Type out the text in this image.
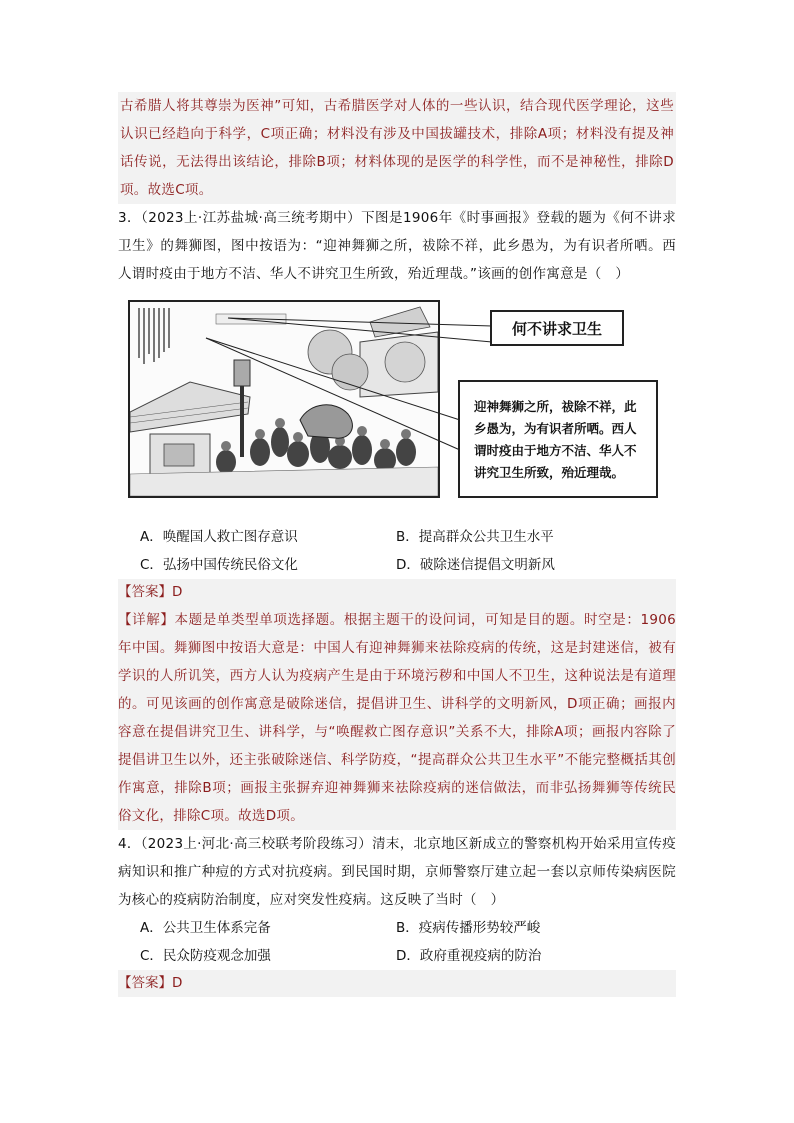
古希腊人将其尊崇为医神”可知，古希腊医学对人体的一些认识，结合现代医学理论，这些认识已经趋向于科学，C项正确；材料没有涉及中国拔罐技术，排除A项；材料没有提及神话传说，无法得出该结论，排除B项；材料体现的是医学的科学性，而不是神秘性，排除D项。故选C项。
3．（2023上·江苏盐城·高三统考期中）下图是1906年《时事画报》登载的题为《何不讲求卫生》的舞狮图，图中按语为：“迎神舞狮之所，祓除不祥，此乡愚为，为有识者所哂。西人谓时疫由于地方不洁、华人不讲究卫生所致，殆近理哉。”该画的创作寓意是（　）
何不讲求卫生
迎神舞狮之所，祓除不祥，此乡愚为，为有识者所哂。西人谓时疫由于地方不洁、华人不讲究卫生所致，殆近理哉。
A．唤醒国人救亡图存意识	B．提高群众公共卫生水平
C．弘扬中国传统民俗文化	D．破除迷信提倡文明新风
【答案】D
【详解】本题是单类型单项选择题。根据主题干的设问词，可知是目的题。时空是：1906年中国。舞狮图中按语大意是：中国人有迎神舞狮来祛除疫病的传统，这是封建迷信，被有学识的人所讥笑，西方人认为疫病产生是由于环境污秽和中国人不卫生，这种说法是有道理的。可见该画的创作寓意是破除迷信，提倡讲卫生、讲科学的文明新风，D项正确；画报内容意在提倡讲究卫生、讲科学，与“唤醒救亡图存意识”关系不大，排除A项；画报内容除了提倡讲卫生以外，还主张破除迷信、科学防疫，“提高群众公共卫生水平”不能完整概括其创作寓意，排除B项；画报主张摒弃迎神舞狮来祛除疫病的迷信做法，而非弘扬舞狮等传统民俗文化，排除C项。故选D项。
4．（2023上·河北·高三校联考阶段练习）清末，北京地区新成立的警察机构开始采用宣传疫病知识和推广种痘的方式对抗疫病。到民国时期，京师警察厅建立起一套以京师传染病医院为核心的疫病防治制度，应对突发性疫病。这反映了当时（　）
A．公共卫生体系完备	B．疫病传播形势较严峻
C．民众防疫观念加强	D．政府重视疫病的防治
【答案】D
